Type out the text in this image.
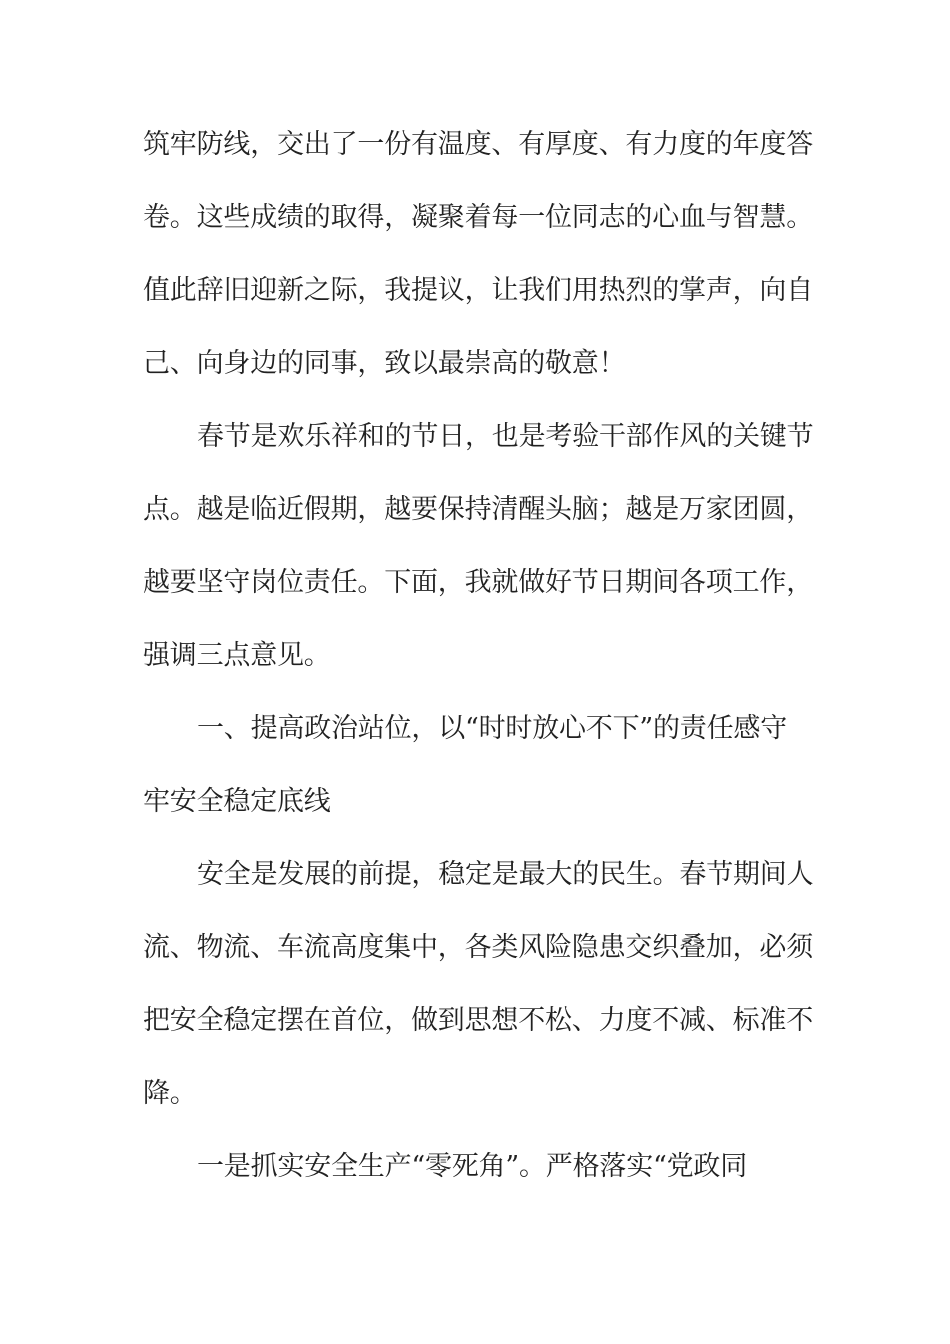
筑牢防线，交出了一份有温度、有厚度、有力度的年度答
卷。这些成绩的取得，凝聚着每一位同志的心血与智慧。
值此辞旧迎新之际，我提议，让我们用热烈的掌声，向自
己、向身边的同事，致以最崇高的敬意！
春节是欢乐祥和的节日，也是考验干部作风的关键节
点。越是临近假期，越要保持清醒头脑；越是万家团圆，
越要坚守岗位责任。下面，我就做好节日期间各项工作，
强调三点意见。
一、提高政治站位，以“时时放心不下”的责任感守
牢安全稳定底线
安全是发展的前提，稳定是最大的民生。春节期间人
流、物流、车流高度集中，各类风险隐患交织叠加，必须
把安全稳定摆在首位，做到思想不松、力度不减、标准不
降。
一是抓实安全生产“零死角”。严格落实“党政同
